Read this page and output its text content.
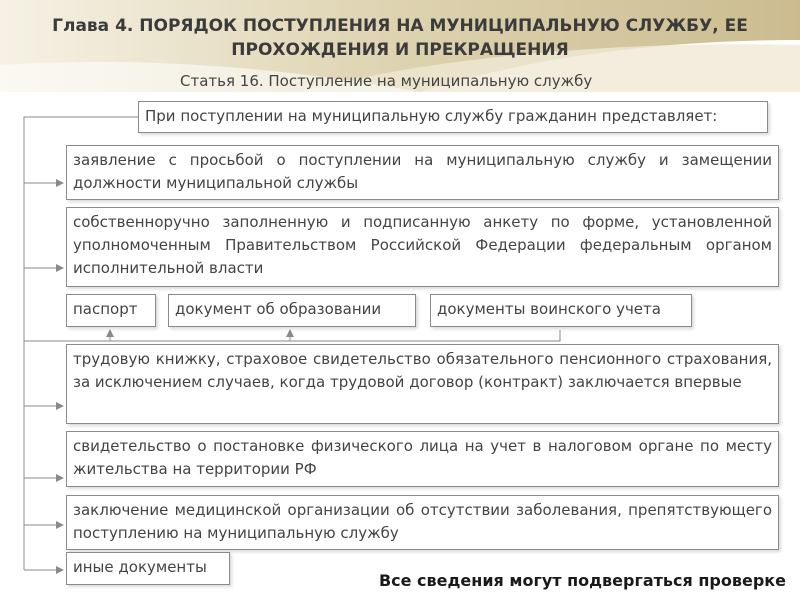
Глава 4. ПОРЯДОК ПОСТУПЛЕНИЯ НА МУНИЦИПАЛЬНУЮ СЛУЖБУ, ЕЕ
ПРОХОЖДЕНИЯ И ПРЕКРАЩЕНИЯ
Статья 16. Поступление на муниципальную службу
При поступлении на муниципальную службу гражданин представляет:
заявление с просьбой о поступлении на муниципальную службу и замещении должности муниципальной службы
собственноручно заполненную и подписанную анкету по форме, установленной уполномоченным Правительством Российской Федерации федеральным органом исполнительной власти
паспорт	документ об образовании	документы воинского учета
трудовую книжку, страховое свидетельство обязательного пенсионного страхования, за исключением случаев, когда трудовой договор (контракт) заключается впервые
свидетельство о постановке физического лица на учет в налоговом органе по месту жительства на территории РФ
заключение медицинской организации об отсутствии заболевания, препятствующего поступлению на муниципальную службу
иные документы
Все сведения могут подвергаться проверке
